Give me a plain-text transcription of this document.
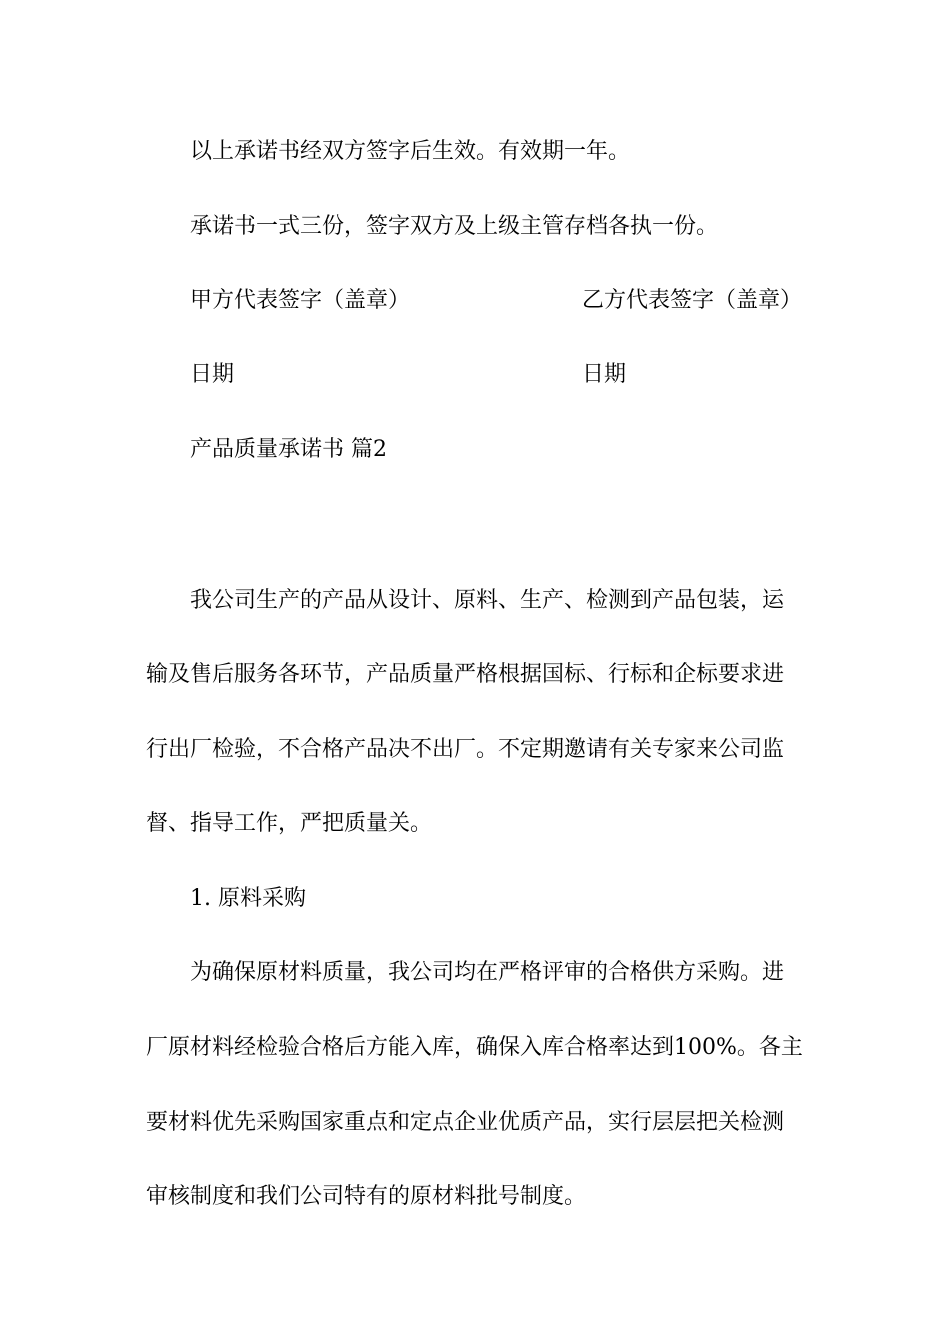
以上承诺书经双方签字后生效。有效期一年。
承诺书一式三份，签字双方及上级主管存档各执一份。
甲方代表签字（盖章）	乙方代表签字（盖章）
日期	日期
产品质量承诺书 篇2
我公司生产的产品从设计、原料、生产、检测到产品包装，运
输及售后服务各环节，产品质量严格根据国标、行标和企标要求进
行出厂检验，不合格产品决不出厂。不定期邀请有关专家来公司监
督、指导工作，严把质量关。
1. 原料采购
为确保原材料质量，我公司均在严格评审的合格供方采购。进
厂原材料经检验合格后方能入库，确保入库合格率达到100%。各主
要材料优先采购国家重点和定点企业优质产品，实行层层把关检测
审核制度和我们公司特有的原材料批号制度。
